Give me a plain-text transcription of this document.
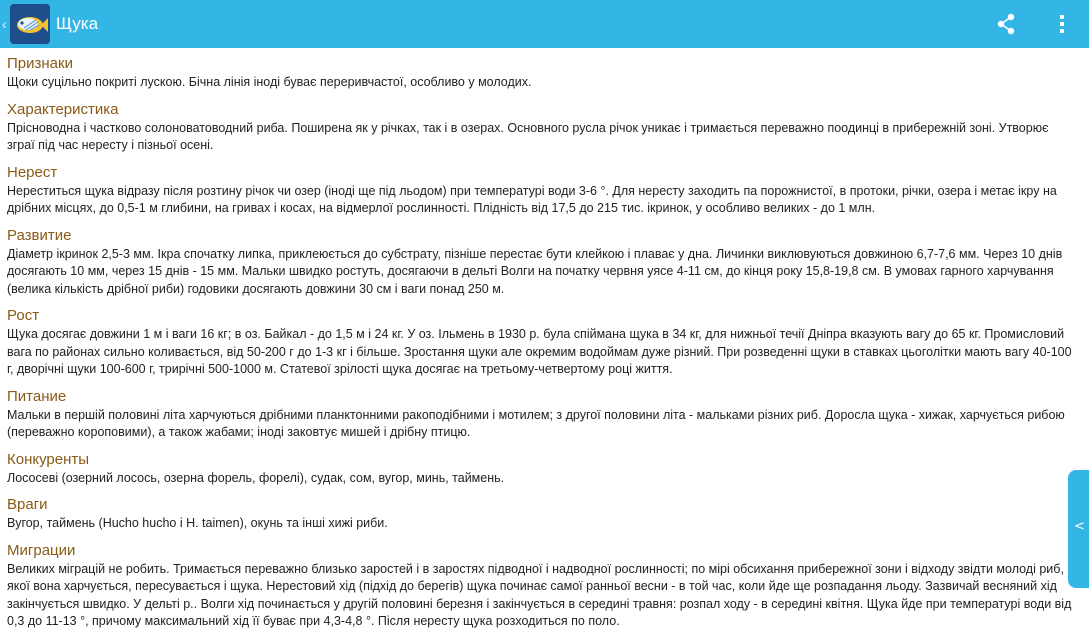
‹	Щука
Признаки

Щоки суцільно покриті лускою. Бічна лінія іноді буває переривчастої, особливо у молодих.

Характеристика

Прісноводна і частково солоноватоводний риба. Поширена як у річках, так і в озерах. Основного русла річок уникає і тримається переважно поодинці в прибережній зоні. Утворює зграї під час нересту і пізньої осені.

Нерест

Нереститься щука відразу після розтину річок чи озер (іноді ще під льодом) при температурі води 3-6 °. Для нересту заходить па порожнистої, в протоки, річки, озера і метає ікру на дрібних місцях, до 0,5-1 м глибини, на гривах і косах, на відмерлої рослинності. Плідність від 17,5 до 215 тис. ікринок, у особливо великих - до 1 млн.

Развитие

Діаметр ікринок 2,5-3 мм. Ікра спочатку липка, приклеюється до субстрату, пізніше перестає бути клейкою і плаває у дна. Личинки виклювуються довжиною 6,7-7,6 мм. Через 10 днів досягають 10 мм, через 15 днів - 15 мм. Мальки швидко ростуть, досягаючи в дельті Волги на початку червня уясе 4-11 см, до кінця року 15,8-19,8 см. В умовах гарного харчування (велика кількість дрібної риби) годовики досягають довжини 30 см і ваги понад 250 м.

Рост

Щука досягає довжини 1 м і ваги 16 кг; в оз. Байкал - до 1,5 м і 24 кг. У оз. Ільмень в 1930 р. була спіймана щука в 34 кг, для нижньої течії Дніпра вказують вагу до 65 кг. Промисловий вага по районах сильно коливається, від 50-200 г до 1-3 кг і більше. Зростання щуки але окремим водоймам дуже різний. При розведенні щуки в ставках цьоголітки мають вагу 40-100 г, дворічні щуки 100-600 г, трирічні 500-1000 м. Статевої зрілості щука досягає на третьому-четвертому році життя.

Питание

Мальки в першій половині літа харчуються дрібними планктонними ракоподібними і мотилем; з другої половини літа - мальками різних риб. Доросла щука - хижак, харчується рибою (переважно короповими), а також жабами; іноді заковтує мишей і дрібну птицю.

Конкуренты

Лососеві (озерний лосось, озерна форель, форелі), судак, сом, вугор, минь, таймень.

Враги

Вугор, таймень (Hucho hucho і H. taimen), окунь та інші хижі риби.

Миграции

Великих міграцій не робить. Тримається переважно близько заростей і в заростях підводної і надводної рослинності; по мірі обсихання прибережної зони і відходу звідти молоді риб, якої вона харчується, пересувається і щука. Нерестовий хід (підхід до берегів) щука починає самої ранньої весни - в той час, коли йде ще розпадання льоду. Зазвичай весняний хід закінчується швидко. У дельті р.. Волги хід починається у другій половині березня і закінчується в середині травня: розпал ходу - в середині квітня. Щука йде при температурі води від 0,3 до 11-13 °, причому максимальний хід її буває при 4,3-4,8 °. Після нересту щука розходиться по поло.

<
